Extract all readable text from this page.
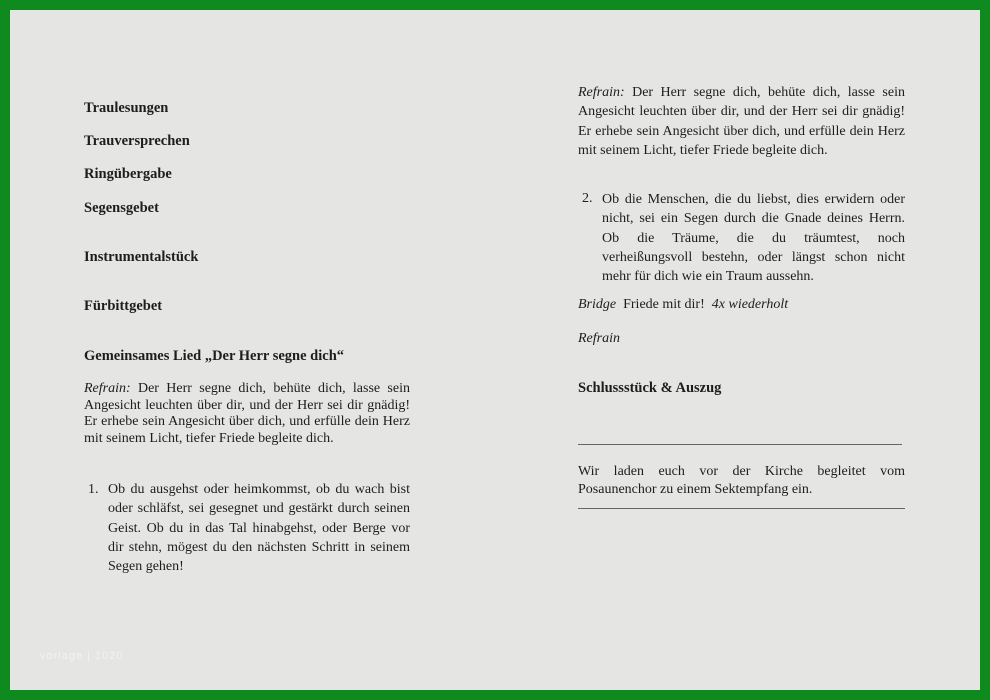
Traulesungen
Trauversprechen
Ringübergabe
Segensgebet
Instrumentalstück
Fürbittgebet
Gemeinsames Lied „Der Herr segne dich“
Refrain: Der Herr segne dich, behüte dich, lasse sein Angesicht leuchten über dir, und der Herr sei dir gnädig! Er erhebe sein Angesicht über dich, und erfülle dein Herz mit seinem Licht, tiefer Friede begleite dich.
1. Ob du ausgehst oder heimkommst, ob du wach bist oder schläfst, sei gesegnet und gestärkt durch seinen Geist. Ob du in das Tal hinabgehst, oder Berge vor dir stehn, mögest du den nächsten Schritt in seinem Segen gehen!
Refrain: Der Herr segne dich, behüte dich, lasse sein Angesicht leuchten über dir, und der Herr sei dir gnädig! Er erhebe sein Angesicht über dich, und erfülle dein Herz mit seinem Licht, tiefer Friede begleite dich.
2. Ob die Menschen, die du liebst, dies erwidern oder nicht, sei ein Segen durch die Gnade deines Herrn. Ob die Träume, die du träumtest, noch verheißungsvoll bestehn, oder längst schon nicht mehr für dich wie ein Traum aussehn.
Bridge Friede mit dir! 4x wiederholt
Refrain
Schlussstück & Auszug
Wir laden euch vor der Kirche begleitet vom Posaunenchor zu einem Sektempfang ein.
vorlage | 1020
